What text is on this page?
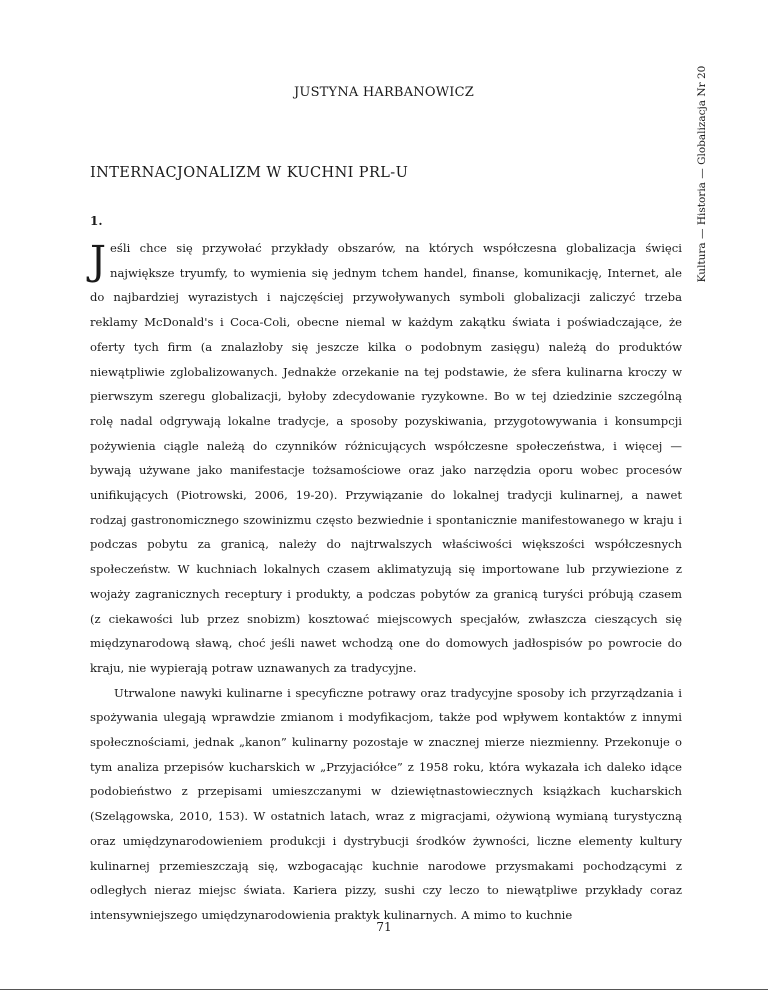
JUSTYNA HARBANOWICZ	Kultura — Historia — Globalizacja Nr 20
INTERNACJONALIZM W KUCHNI PRL-U
1.

Jeśli chce się przywołać przykłady obszarów, na których współczesna globalizacja święci największe tryumfy, to wymienia się jednym tchem handel, finanse, komunikację, Internet, ale do najbardziej wyrazistych i najczęściej przywoływanych symboli globalizacji zaliczyć trzeba reklamy McDonald's i Coca-Coli, obecne niemal w każdym zakątku świata i poświadczające, że oferty tych firm (a znalazłoby się jeszcze kilka o podobnym zasięgu) należą do produktów niewątpliwie zglobalizowanych. Jednakże orzekanie na tej podstawie, że sfera kulinarna kroczy w pierwszym szeregu globalizacji, byłoby zdecydowanie ryzykowne. Bo w tej dziedzinie szczególną rolę nadal odgrywają lokalne tradycje, a sposoby pozyskiwania, przygotowywania i konsumpcji pożywienia ciągle należą do czynników różnicujących współczesne społeczeństwa, i więcej — bywają używane jako manifestacje tożsamościowe oraz jako narzędzia oporu wobec procesów unifikujących (Piotrowski, 2006, 19-20). Przywiązanie do lokalnej tradycji kulinarnej, a nawet rodzaj gastronomicznego szowinizmu często bezwiednie i spontanicznie manifestowanego w kraju i podczas pobytu za granicą, należy do najtrwalszych właściwości większości współczesnych społeczeństw. W kuchniach lokalnych czasem aklimatyzują się importowane lub przywiezione z wojaży zagranicznych receptury i produkty, a podczas pobytów za granicą turyści próbują czasem (z ciekawości lub przez snobizm) kosztować miejscowych specjałów, zwłaszcza cieszących się międzynarodową sławą, choć jeśli nawet wchodzą one do domowych jadłospisów po powrocie do kraju, nie wypierają potraw uznawanych za tradycyjne.

Utrwalone nawyki kulinarne i specyficzne potrawy oraz tradycyjne sposoby ich przyrządzania i spożywania ulegają wprawdzie zmianom i modyfikacjom, także pod wpływem kontaktów z innymi społecznościami, jednak „kanon” kulinarny pozostaje w znacznej mierze niezmienny. Przekonuje o tym analiza przepisów kucharskich w „Przyjaciółce” z 1958 roku, która wykazała ich daleko idące podobieństwo z przepisami umieszczanymi w dziewiętnastowiecznych książkach kucharskich (Szelągowska, 2010, 153). W ostatnich latach, wraz z migracjami, ożywioną wymianą turystyczną oraz umiędzynarodowieniem produkcji i dystrybucji środków żywności, liczne elementy kultury kulinarnej przemieszczają się, wzbogacając kuchnie narodowe przysmakami pochodzącymi z odległych nieraz miejsc świata. Kariera pizzy, sushi czy leczo to niewątpliwe przykłady coraz intensywniejszego umiędzynarodowienia praktyk kulinarnych. A mimo to kuchnie

71
